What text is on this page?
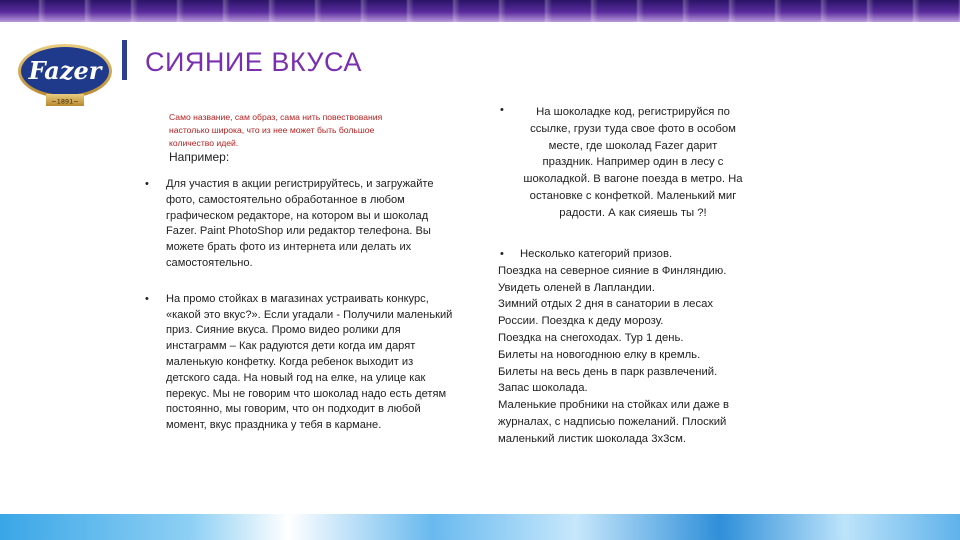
Fazer
~1891~
СИЯНИЕ ВКУСА
Само название, сам образ, сама нить повествования настолько широка, что из нее может быть большое количество идей.
Например:
• Для участия в акции регистрируйтесь, и загружайте фото, самостоятельно обработанное в любом графическом редакторе, на котором вы и шоколад Fazer. Paint PhotoShop или редактор телефона. Вы можете брать фото из интернета или делать их самостоятельно.
• На промо стойках в магазинах устраивать конкурс, «какой это вкус?». Если угадали - Получили маленький приз. Сияние вкуса. Промо видео ролики для инстаграмм – Как радуются дети когда им дарят маленькую конфетку. Когда ребенок выходит из детского сада. На новый год на елке, на улице как перекус. Мы не говорим что шоколад надо есть детям постоянно, мы говорим, что он подходит в любой момент, вкус праздника у тебя в кармане.
•	На шоколадке код, регистрируйся по ссылке, грузи туда свое фото в особом месте, где шоколад Fazer дарит праздник. Например один в лесу с шоколадкой. В вагоне поезда в метро. На остановке с конфеткой. Маленький миг радости. А как сияешь ты ?!
• Несколько категорий призов.
Поездка на северное сияние в Финляндию.
Увидеть оленей в Лапландии.
Зимний отдых 2 дня в санатории в лесах
России. Поездка к деду морозу.
Поездка на снегоходах. Тур 1 день.
Билеты на новогоднюю елку в кремль.
Билеты на весь день в парк развлечений.
Запас шоколада.
Маленькие пробники на стойках или даже в
журналах, с надписью пожеланий. Плоский
маленький листик шоколада 3х3см.
